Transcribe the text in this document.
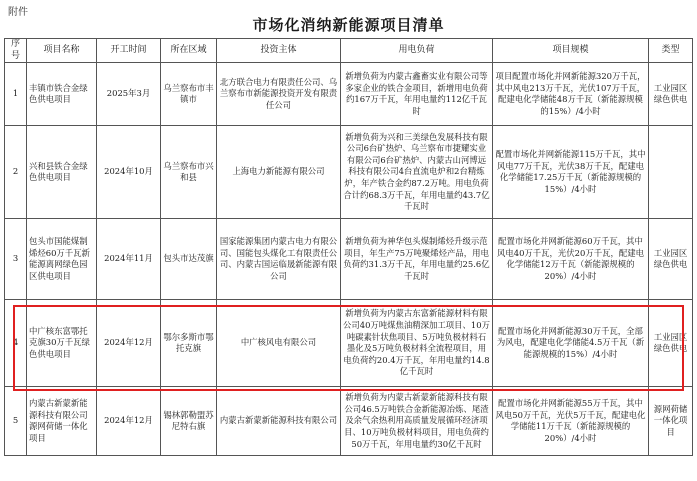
附件
市场化消纳新能源项目清单
序号	项目名称	开工时间	所在区域	投资主体	用电负荷	项目规模	类型
1	丰镇市铁合金绿色供电项目	2025年3月	乌兰察布市丰镇市	北方联合电力有限责任公司、乌兰察布市新能源投资开发有限责任公司	新增负荷为内蒙古鑫畜实业有限公司等多家企业的铁合金项目，新增用电负荷约167万千瓦，年用电量约112亿千瓦时	项目配置市场化并网新能源320万千瓦，其中风电213万千瓦，光伏107万千瓦，配建电化学储能48万千瓦（新能源规模的15%）/4小时	工业园区绿色供电
2	兴和县铁合金绿色供电项目	2024年10月	乌兰察布市兴和县	上海电力新能源有限公司	新增负荷为兴和三美绿色发展科技有限公司6台矿热炉、乌兰察布市捷耀实业有限公司6台矿热炉、内蒙古山河博远科技有限公司4台直流电炉和2台精炼炉，年产铁合金约87.2万吨。用电负荷合计约68.3万千瓦，年用电量约43.7亿千瓦时	配置市场化并网新能源115万千瓦，其中风电77万千瓦，光伏38万千瓦，配建电化学储能17.25万千瓦（新能源规模的15%）/4小时	
3	包头市国能煤制烯烃60万千瓦新能源离网绿色园区供电项目	2024年11月	包头市达茂旗	国家能源集团内蒙古电力有限公司、国能包头煤化工有限责任公司、内蒙古国运临晟新能源有限公司	新增负荷为神华包头煤制烯烃升级示范项目，年生产75万吨聚烯烃产品，用电负荷约31.3万千瓦，年用电量约25.6亿千瓦时	配置市场化并网新能源60万千瓦，其中风电40万千瓦，光伏20万千瓦，配建电化学储能12万千瓦（新能源规模的20%）/4小时	工业园区绿色供电
4	中广核东富鄂托克旗30万千瓦绿色供电项目	2024年12月	鄂尔多斯市鄂托克旗	中广核风电有限公司	新增负荷为内蒙古东富新能源材料有限公司40万吨煤焦油精深加工项目、10万吨碳素针状焦项目、5万吨负极材料石墨化及5万吨负极材料全流程项目，用电负荷约20.4万千瓦，年用电量约14.8亿千瓦时	配置市场化并网新能源30万千瓦，全部为风电，配建电化学储能4.5万千瓦（新能源规模的15%）/4小时	工业园区绿色供电
5	内蒙古新蒙新能源科技有限公司源网荷储一体化项目	2024年12月	锡林郭勒盟苏尼特右旗	内蒙古新蒙新能源科技有限公司	新增负荷为内蒙古新蒙新能源科技有限公司46.5万吨铁合金新能源冶炼、尾渣及余气余热利用高质量发展循环经济项目、10万吨负极材料项目，用电负荷约50万千瓦，年用电量约30亿千瓦时	配置市场化并网新能源55万千瓦，其中风电50万千瓦，光伏5万千瓦，配建电化学储能11万千瓦（新能源规模的20%）/4小时	源网荷储一体化项目
